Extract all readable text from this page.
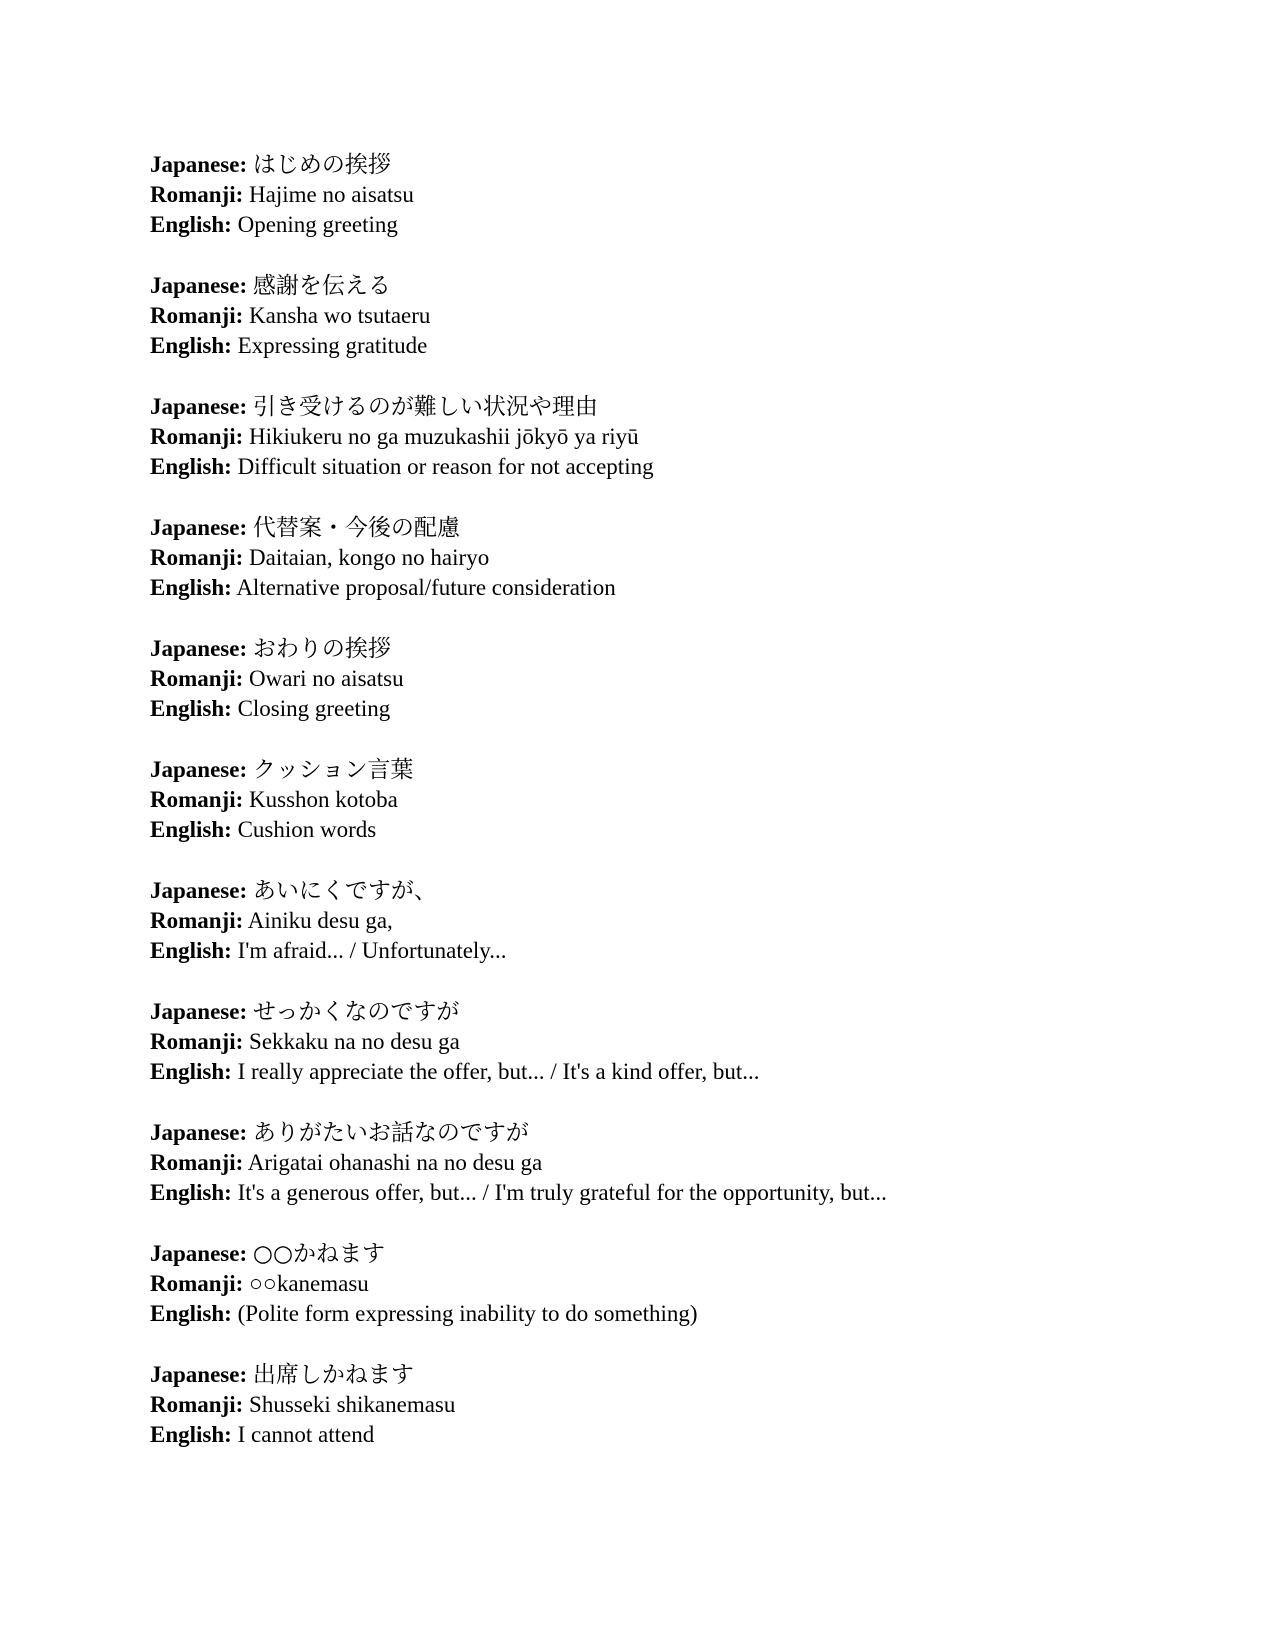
Japanese: はじめの挨拶
Romanji: Hajime no aisatsu
English: Opening greeting
Japanese: 感謝を伝える
Romanji: Kansha wo tsutaeru
English: Expressing gratitude
Japanese: 引き受けるのが難しい状況や理由
Romanji: Hikiukeru no ga muzukashii jōkyō ya riyū
English: Difficult situation or reason for not accepting
Japanese: 代替案・今後の配慮
Romanji: Daitaian, kongo no hairyo
English: Alternative proposal/future consideration
Japanese: おわりの挨拶
Romanji: Owari no aisatsu
English: Closing greeting
Japanese: クッション言葉
Romanji: Kusshon kotoba
English: Cushion words
Japanese: あいにくですが、
Romanji: Ainiku desu ga,
English: I'm afraid... / Unfortunately...
Japanese: せっかくなのですが
Romanji: Sekkaku na no desu ga
English: I really appreciate the offer, but... / It's a kind offer, but...
Japanese: ありがたいお話なのですが
Romanji: Arigatai ohanashi na no desu ga
English: It's a generous offer, but... / I'm truly grateful for the opportunity, but...
Japanese: ○○かねます
Romanji: ○○kanemasu
English: (Polite form expressing inability to do something)
Japanese: 出席しかねます
Romanji: Shusseki shikanemasu
English: I cannot attend
